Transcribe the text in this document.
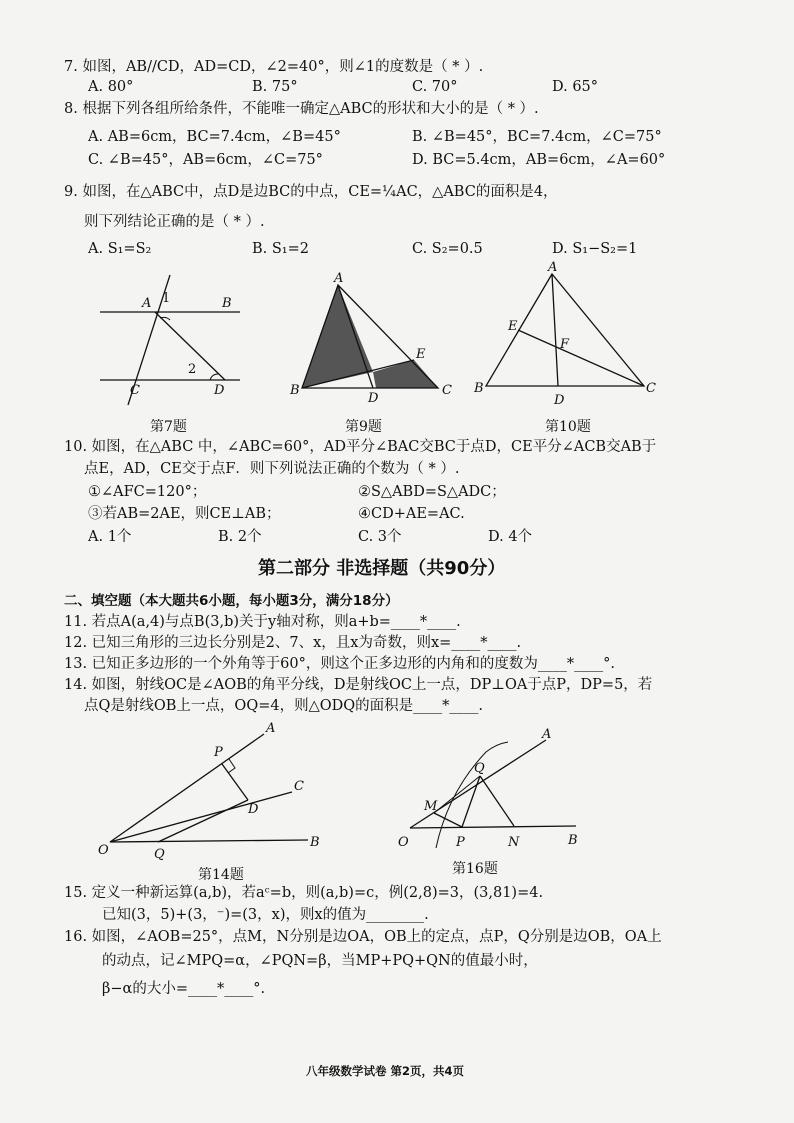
7. 如图，AB//CD，AD=CD，∠2=40°，则∠1的度数是（ * ）.
A. 80°	B. 75°	C. 70°	D. 65°
8. 根据下列各组所给条件，不能唯一确定△ABC的形状和大小的是（ * ）.
A. AB=6cm，BC=7.4cm，∠B=45°	B. ∠B=45°，BC=7.4cm，∠C=75°
C. ∠B=45°，AB=6cm，∠C=75°	D. BC=5.4cm，AB=6cm，∠A=60°
9. 如图，在△ABC中，点D是边BC的中点，CE=¼AC，△ABC的面积是4，
则下列结论正确的是（ * ）.
A. S₁=S₂	B. S₁=2	C. S₂=0.5	D. S₁−S₂=1
A 1	B
2
C	D
第7题
A
E
B
D
C
第9题
A
E
F
B
D
C
第10题
10. 如图，在△ABC 中，∠ABC=60°，AD平分∠BAC交BC于点D，CE平分∠ACB交AB于
点E，AD，CE交于点F．则下列说法正确的个数为（ * ）.
①∠AFC=120°；	②S△ABD=S△ADC；
③若AB=2AE，则CE⊥AB；	④CD+AE=AC.
A. 1个	B. 2个	C. 3个	D. 4个
第二部分 非选择题（共90分）
二、填空题（本大题共6小题，每小题3分，满分18分）
11. 若点A(a,4)与点B(3,b)关于y轴对称，则a+b=____*____.
12. 已知三角形的三边长分别是2、7、x，且x为奇数，则x=____*____.
13. 已知正多边形的一个外角等于60°，则这个正多边形的内角和的度数为____*____°.
14. 如图，射线OC是∠AOB的角平分线，D是射线OC上一点，DP⊥OA于点P，DP=5，若
点Q是射线OB上一点，OQ=4，则△ODQ的面积是____*____.
A
P
C
D
O	Q
B
第14题
A
Q
M
O	P	N	B
第16题
15. 定义一种新运算(a,b)，若aᶜ=b，则(a,b)=c，例(2,8)=3，(3,81)=4.
已知(3，5)+(3，⁻)=(3，x)，则x的值为________.
16. 如图，∠AOB=25°，点M，N分别是边OA，OB上的定点，点P，Q分别是边OB，OA上
的动点，记∠MPQ=α，∠PQN=β，当MP+PQ+QN的值最小时，
β−α的大小=____*____°.
八年级数学试卷 第2页，共4页
